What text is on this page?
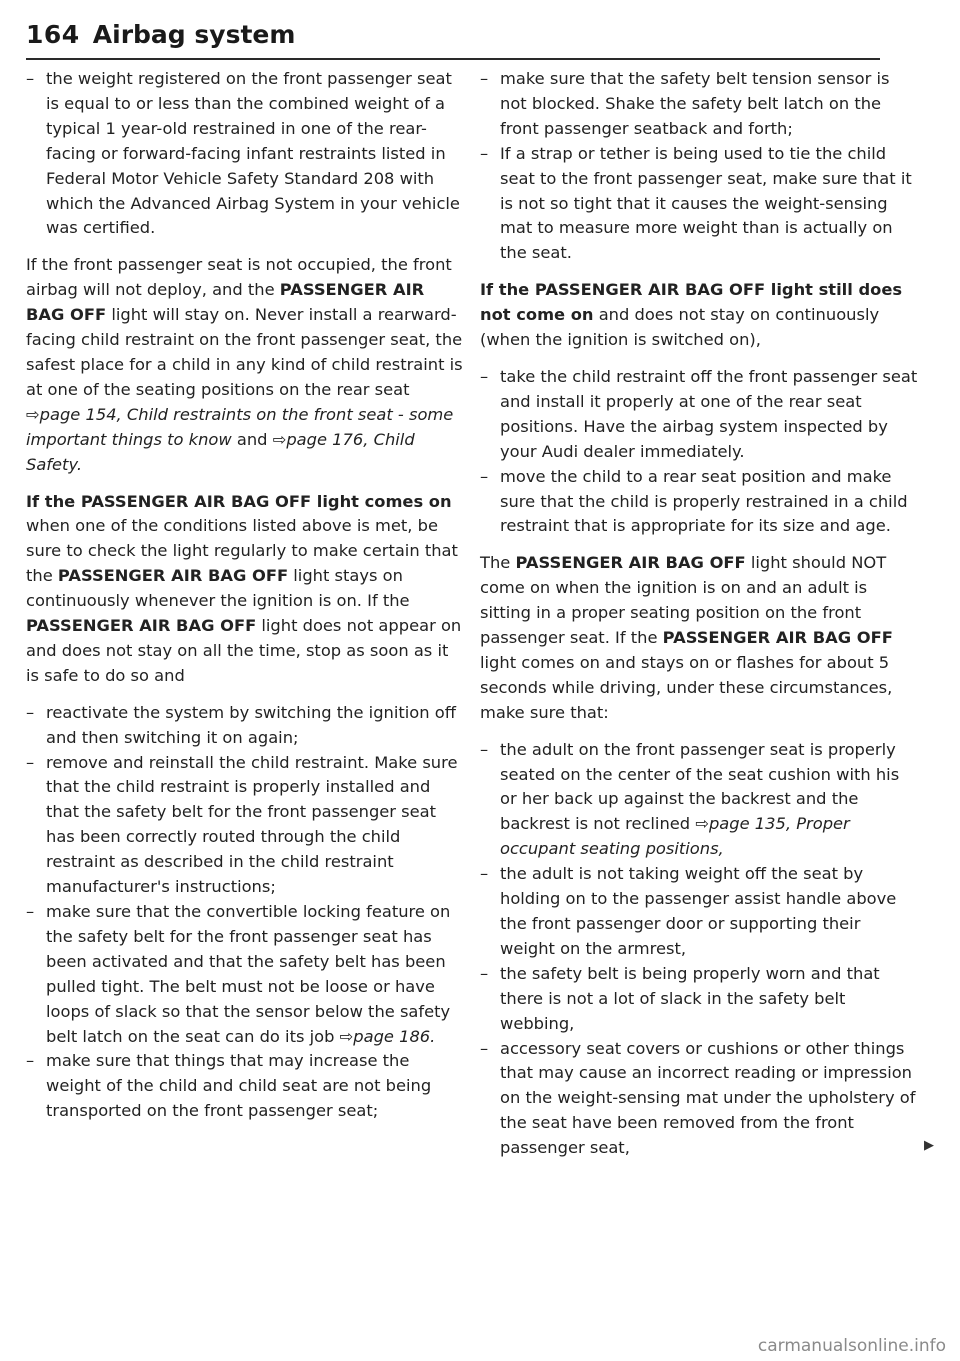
164 Airbag system

– the weight registered on the front passenger seat is equal to or less than the combined weight of a typical 1 year-old restrained in one of the rear-facing or forward-facing infant restraints listed in Federal Motor Vehicle Safety Standard 208 with which the Advanced Airbag System in your vehicle was certified.

If the front passenger seat is not occupied, the front airbag will not deploy, and the PASSENGER AIR BAG OFF light will stay on. Never install a rearward-facing child restraint on the front passenger seat, the safest place for a child in any kind of child restraint is at one of the seating positions on the rear seat ⇨page 154, Child restraints on the front seat - some important things to know and ⇨page 176, Child Safety.

If the PASSENGER AIR BAG OFF light comes on when one of the conditions listed above is met, be sure to check the light regularly to make certain that the PASSENGER AIR BAG OFF light stays on continuously whenever the ignition is on. If the PASSENGER AIR BAG OFF light does not appear on and does not stay on all the time, stop as soon as it is safe to do so and

– reactivate the system by switching the ignition off and then switching it on again;

– remove and reinstall the child restraint. Make sure that the child restraint is properly installed and that the safety belt for the front passenger seat has been correctly routed through the child restraint as described in the child restraint manufacturer's instructions;

– make sure that the convertible locking feature on the safety belt for the front passenger seat has been activated and that the safety belt has been pulled tight. The belt must not be loose or have loops of slack so that the sensor below the safety belt latch on the seat can do its job ⇨page 186.

– make sure that things that may increase the weight of the child and child seat are not being transported on the front passenger seat;

– make sure that the safety belt tension sensor is not blocked. Shake the safety belt latch on the front passenger seatback and forth;

– If a strap or tether is being used to tie the child seat to the front passenger seat, make sure that it is not so tight that it causes the weight-sensing mat to measure more weight than is actually on the seat.

If the PASSENGER AIR BAG OFF light still does not come on and does not stay on continuously (when the ignition is switched on),

– take the child restraint off the front passenger seat and install it properly at one of the rear seat positions. Have the airbag system inspected by your Audi dealer immediately.

– move the child to a rear seat position and make sure that the child is properly restrained in a child restraint that is appropriate for its size and age.

The PASSENGER AIR BAG OFF light should NOT come on when the ignition is on and an adult is sitting in a proper seating position on the front passenger seat. If the PASSENGER AIR BAG OFF light comes on and stays on or flashes for about 5 seconds while driving, under these circumstances, make sure that:

– the adult on the front passenger seat is properly seated on the center of the seat cushion with his or her back up against the backrest and the backrest is not reclined ⇨page 135, Proper occupant seating positions,

– the adult is not taking weight off the seat by holding on to the passenger assist handle above the front passenger door or supporting their weight on the armrest,

– the safety belt is being properly worn and that there is not a lot of slack in the safety belt webbing,

– accessory seat covers or cushions or other things that may cause an incorrect reading or impression on the weight-sensing mat under the upholstery of the seat have been removed from the front passenger seat,	▶

carmanualsonline.info
